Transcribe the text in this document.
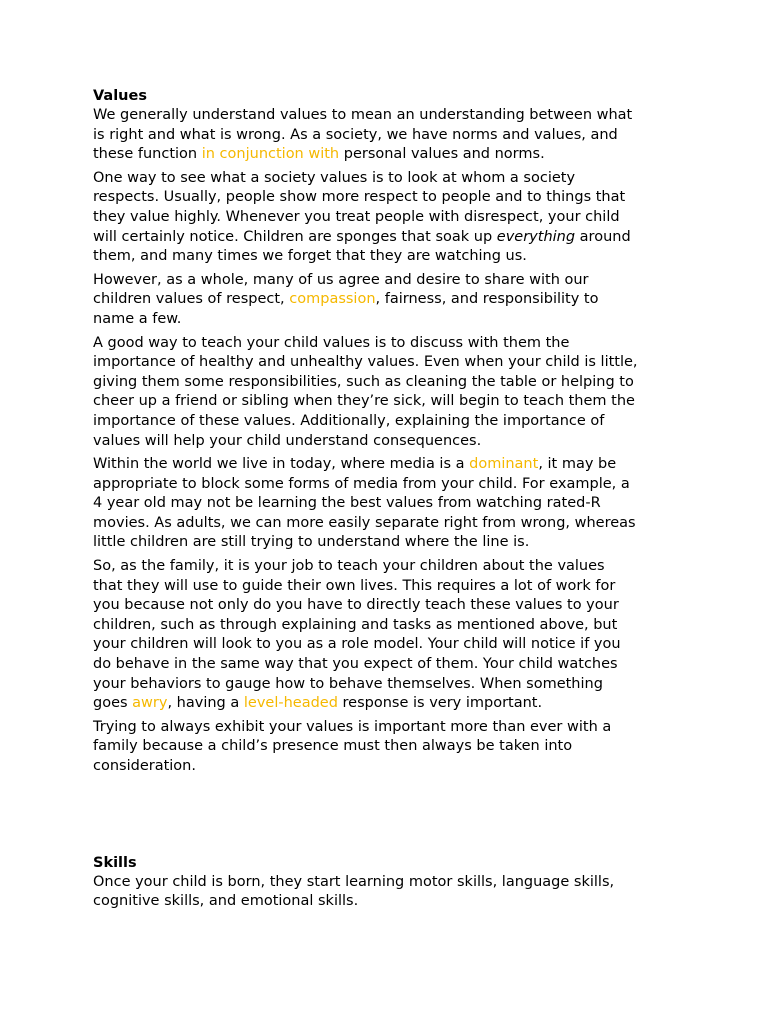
Values

We generally understand values to mean an understanding between what
is right and what is wrong. As a society, we have norms and values, and
these function in conjunction with personal values and norms.

One way to see what a society values is to look at whom a society
respects. Usually, people show more respect to people and to things that
they value highly. Whenever you treat people with disrespect, your child
will certainly notice. Children are sponges that soak up everything around
them, and many times we forget that they are watching us.

However, as a whole, many of us agree and desire to share with our
children values of respect, compassion, fairness, and responsibility to
name a few.

A good way to teach your child values is to discuss with them the
importance of healthy and unhealthy values. Even when your child is little,
giving them some responsibilities, such as cleaning the table or helping to
cheer up a friend or sibling when they’re sick, will begin to teach them the
importance of these values. Additionally, explaining the importance of
values will help your child understand consequences.

Within the world we live in today, where media is a dominant, it may be
appropriate to block some forms of media from your child. For example, a
4 year old may not be learning the best values from watching rated-R
movies. As adults, we can more easily separate right from wrong, whereas
little children are still trying to understand where the line is.

So, as the family, it is your job to teach your children about the values
that they will use to guide their own lives. This requires a lot of work for
you because not only do you have to directly teach these values to your
children, such as through explaining and tasks as mentioned above, but
your children will look to you as a role model. Your child will notice if you
do behave in the same way that you expect of them. Your child watches
your behaviors to gauge how to behave themselves. When something
goes awry, having a level-headed response is very important.

Trying to always exhibit your values is important more than ever with a
family because a child’s presence must then always be taken into
consideration.

Skills

Once your child is born, they start learning motor skills, language skills,
cognitive skills, and emotional skills.
